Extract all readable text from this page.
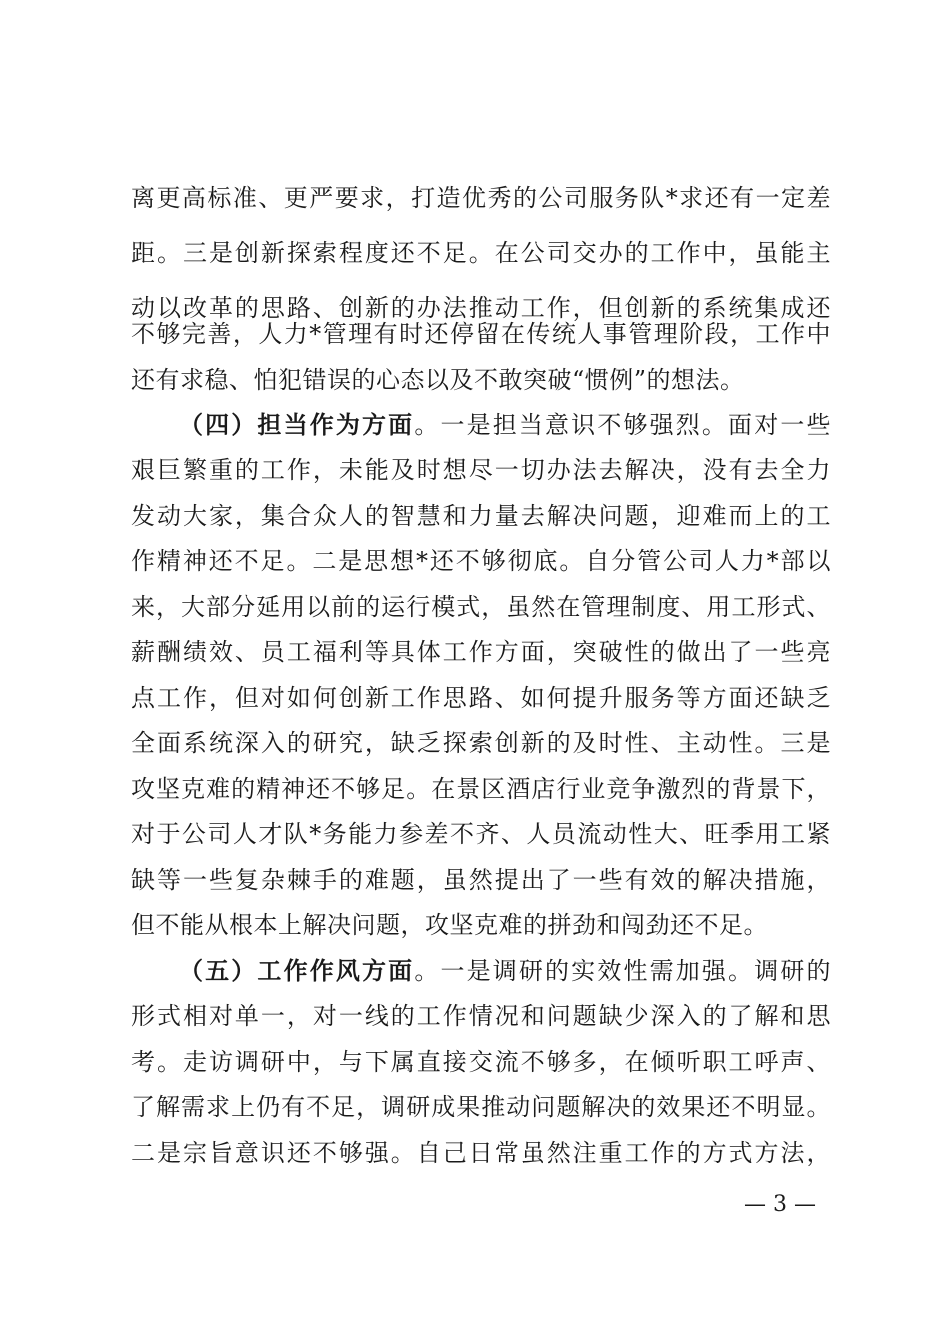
离更高标准、更严要求，打造优秀的公司服务队*求还有一定差
距。三是创新探索程度还不足。在公司交办的工作中，虽能主
动以改革的思路、创新的办法推动工作，但创新的系统集成还
不够完善，人力*管理有时还停留在传统人事管理阶段，工作中
还有求稳、怕犯错误的心态以及不敢突破“惯例”的想法。
（四）担当作为方面。一是担当意识不够强烈。面对一些
艰巨繁重的工作，未能及时想尽一切办法去解决，没有去全力
发动大家，集合众人的智慧和力量去解决问题，迎难而上的工
作精神还不足。二是思想*还不够彻底。自分管公司人力*部以
来，大部分延用以前的运行模式，虽然在管理制度、用工形式、
薪酬绩效、员工福利等具体工作方面，突破性的做出了一些亮
点工作，但对如何创新工作思路、如何提升服务等方面还缺乏
全面系统深入的研究，缺乏探索创新的及时性、主动性。三是
攻坚克难的精神还不够足。在景区酒店行业竞争激烈的背景下，
对于公司人才队*务能力参差不齐、人员流动性大、旺季用工紧
缺等一些复杂棘手的难题，虽然提出了一些有效的解决措施，
但不能从根本上解决问题，攻坚克难的拼劲和闯劲还不足。
（五）工作作风方面。一是调研的实效性需加强。调研的
形式相对单一，对一线的工作情况和问题缺少深入的了解和思
考。走访调研中，与下属直接交流不够多，在倾听职工呼声、
了解需求上仍有不足，调研成果推动问题解决的效果还不明显。
二是宗旨意识还不够强。自己日常虽然注重工作的方式方法，
— 3 —
